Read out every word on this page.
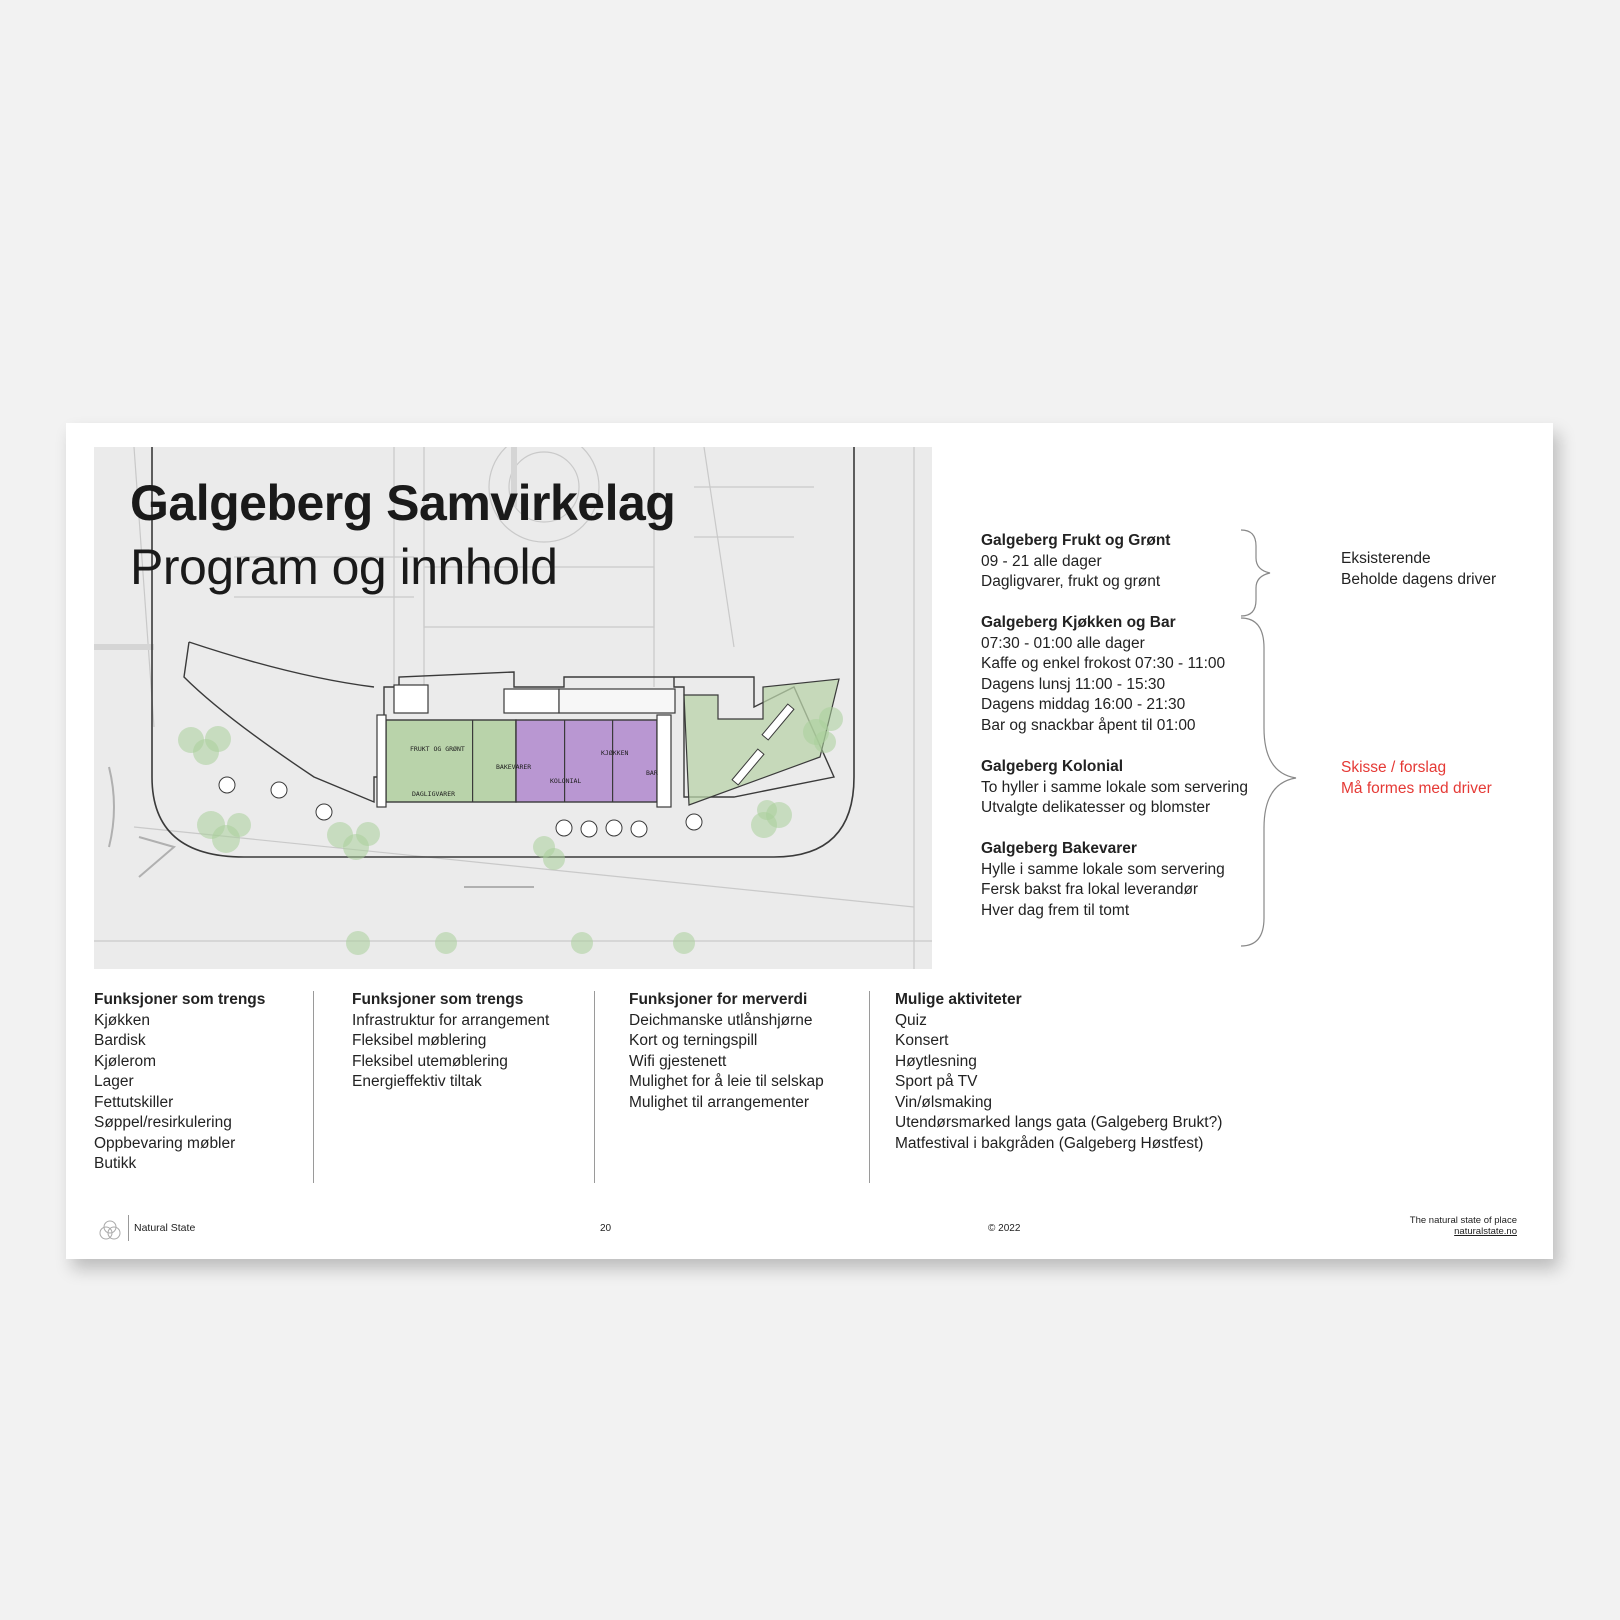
FRUKT OG GRØNT
DAGLIGVARER
BAKEVARER
KOLONIAL
KJØKKEN
BAR
Galgeberg Samvirkelag
Program og innhold	Galgeberg Frukt og Grønt
09 - 21 alle dager
Dagligvarer, frukt og grønt
Galgeberg Kjøkken og Bar
07:30 - 01:00 alle dager
Kaffe og enkel frokost 07:30 - 11:00
Dagens lunsj 11:00 - 15:30
Dagens middag 16:00 - 21:30
Bar og snackbar åpent til 01:00
Galgeberg Kolonial
To hyller i samme lokale som servering
Utvalgte delikatesser og blomster
Galgeberg Bakevarer
Hylle i samme lokale som servering
Fersk bakst fra lokal leverandør
Hver dag frem til tomt
Eksisterende
Beholde dagens driver
Skisse / forslag
Må formes med driver
Funksjoner som trengs
Kjøkken
Bardisk
Kjølerom
Lager
Fettutskiller
Søppel/resirkulering
Oppbevaring møbler
Butikk
Funksjoner som trengs
Infrastruktur for arrangement
Fleksibel møblering
Fleksibel utemøblering
Energieffektiv tiltak
Funksjoner for merverdi
Deichmanske utlånshjørne
Kort og terningspill
Wifi gjestenett
Mulighet for å leie til selskap
Mulighet til arrangementer
Mulige aktiviteter
Quiz
Konsert
Høytlesning
Sport på TV
Vin/ølsmaking
Utendørsmarked langs gata (Galgeberg Brukt?)
Matfestival i bakgråden (Galgeberg Høstfest)
Natural State	20	© 2022
The natural state of place
naturalstate.no
